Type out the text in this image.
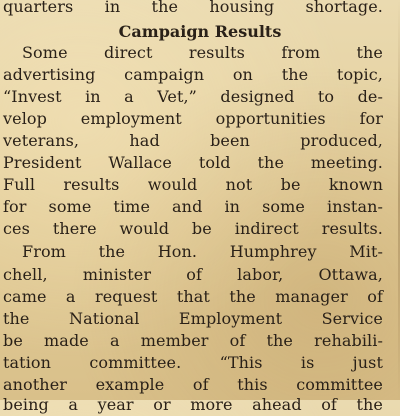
quarters in the housing shortage.
Campaign Results
Some direct results from the
advertising campaign on the topic,
“Invest in a Vet,” designed to de-
velop employment opportunities for
veterans, had been produced,
President Wallace told the meeting.
Full results would not be known
for some time and in some instan-
ces there would be indirect results.
From the Hon. Humphrey Mit-
chell, minister of labor, Ottawa,
came a request that the manager of
the National Employment Service
be made a member of the rehabili-
tation committee. “This is just
another example of this committee
being a year or more ahead of the
